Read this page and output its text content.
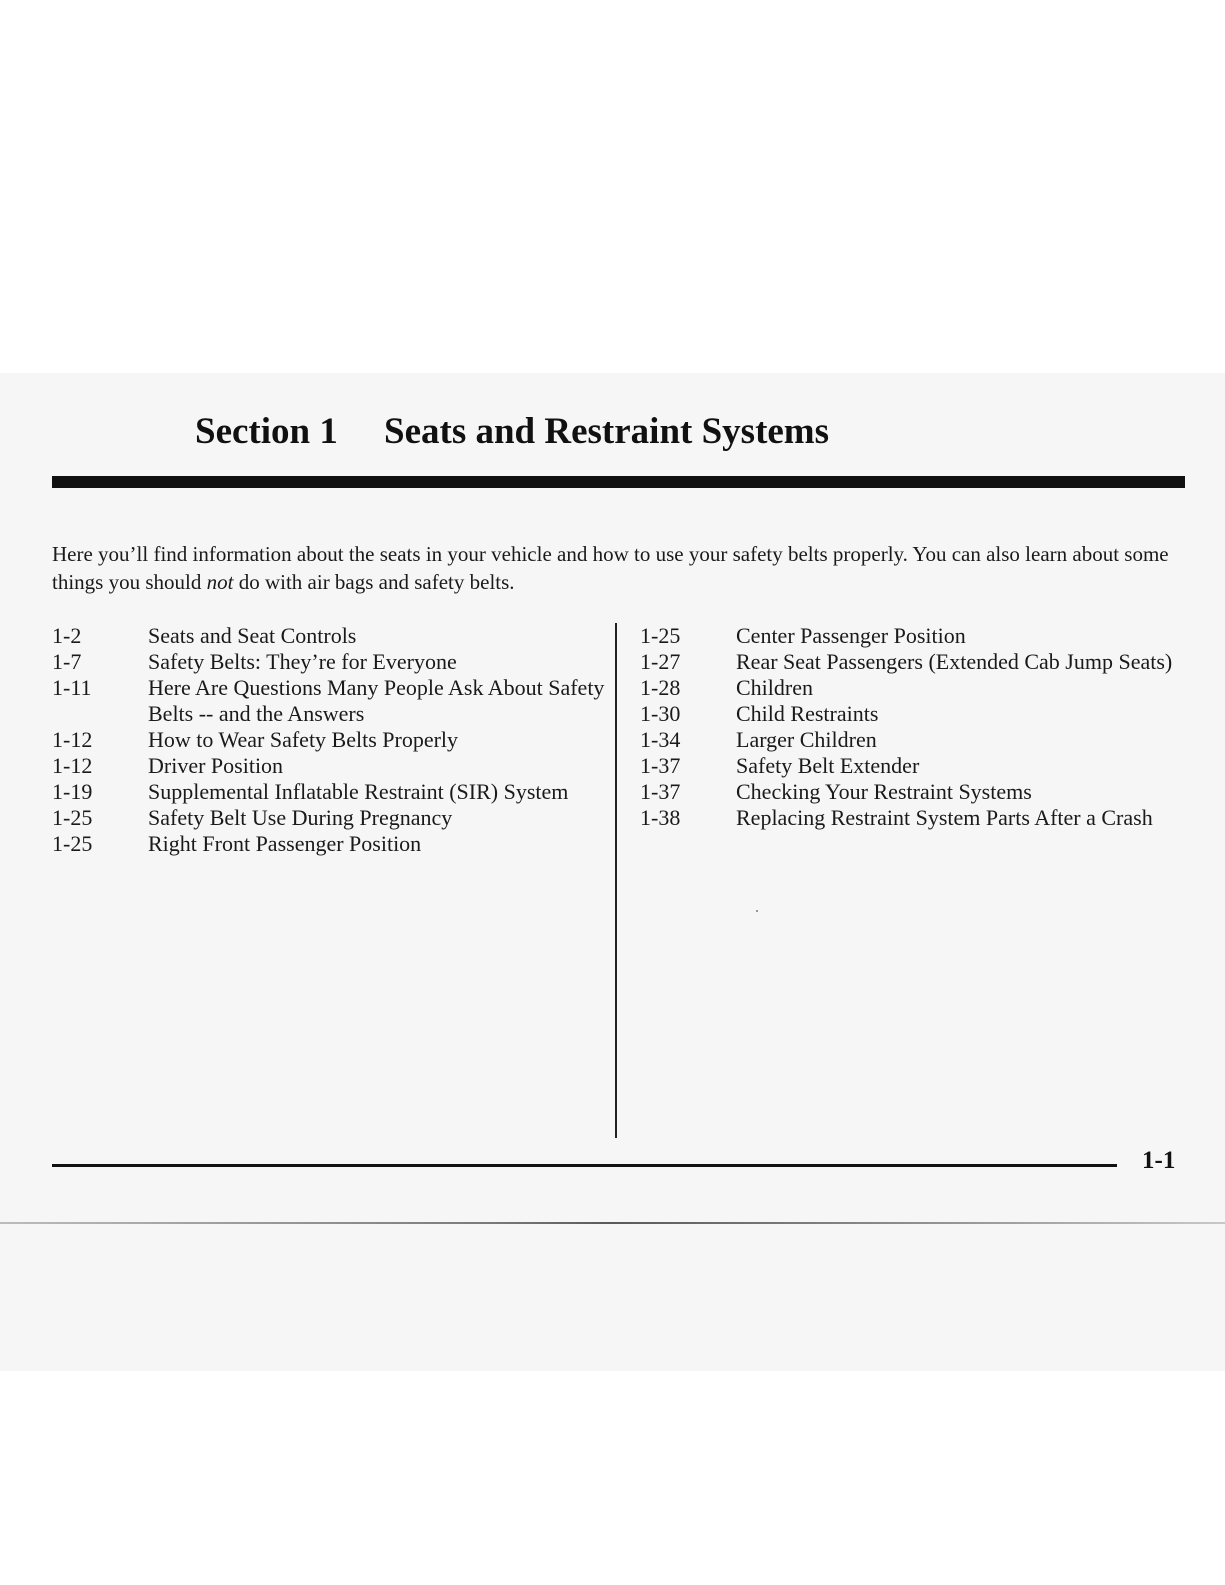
Section 1 Seats and Restraint Systems

Here you’ll find information about the seats in your vehicle and how to use your safety belts properly. You can also learn about some things you should not do with air bags and safety belts.

1-2	Seats and Seat Controls
1-7	Safety Belts: They’re for Everyone
1-11	Here Are Questions Many People Ask About Safety Belts -- and the Answers
1-12	How to Wear Safety Belts Properly
1-12	Driver Position
1-19	Supplemental Inflatable Restraint (SIR) System
1-25	Safety Belt Use During Pregnancy
1-25	Right Front Passenger Position
1-25	Center Passenger Position
1-27	Rear Seat Passengers (Extended Cab Jump Seats)
1-28	Children
1-30	Child Restraints
1-34	Larger Children
1-37	Safety Belt Extender
1-37	Checking Your Restraint Systems
1-38	Replacing Restraint System Parts After a Crash
1-1
